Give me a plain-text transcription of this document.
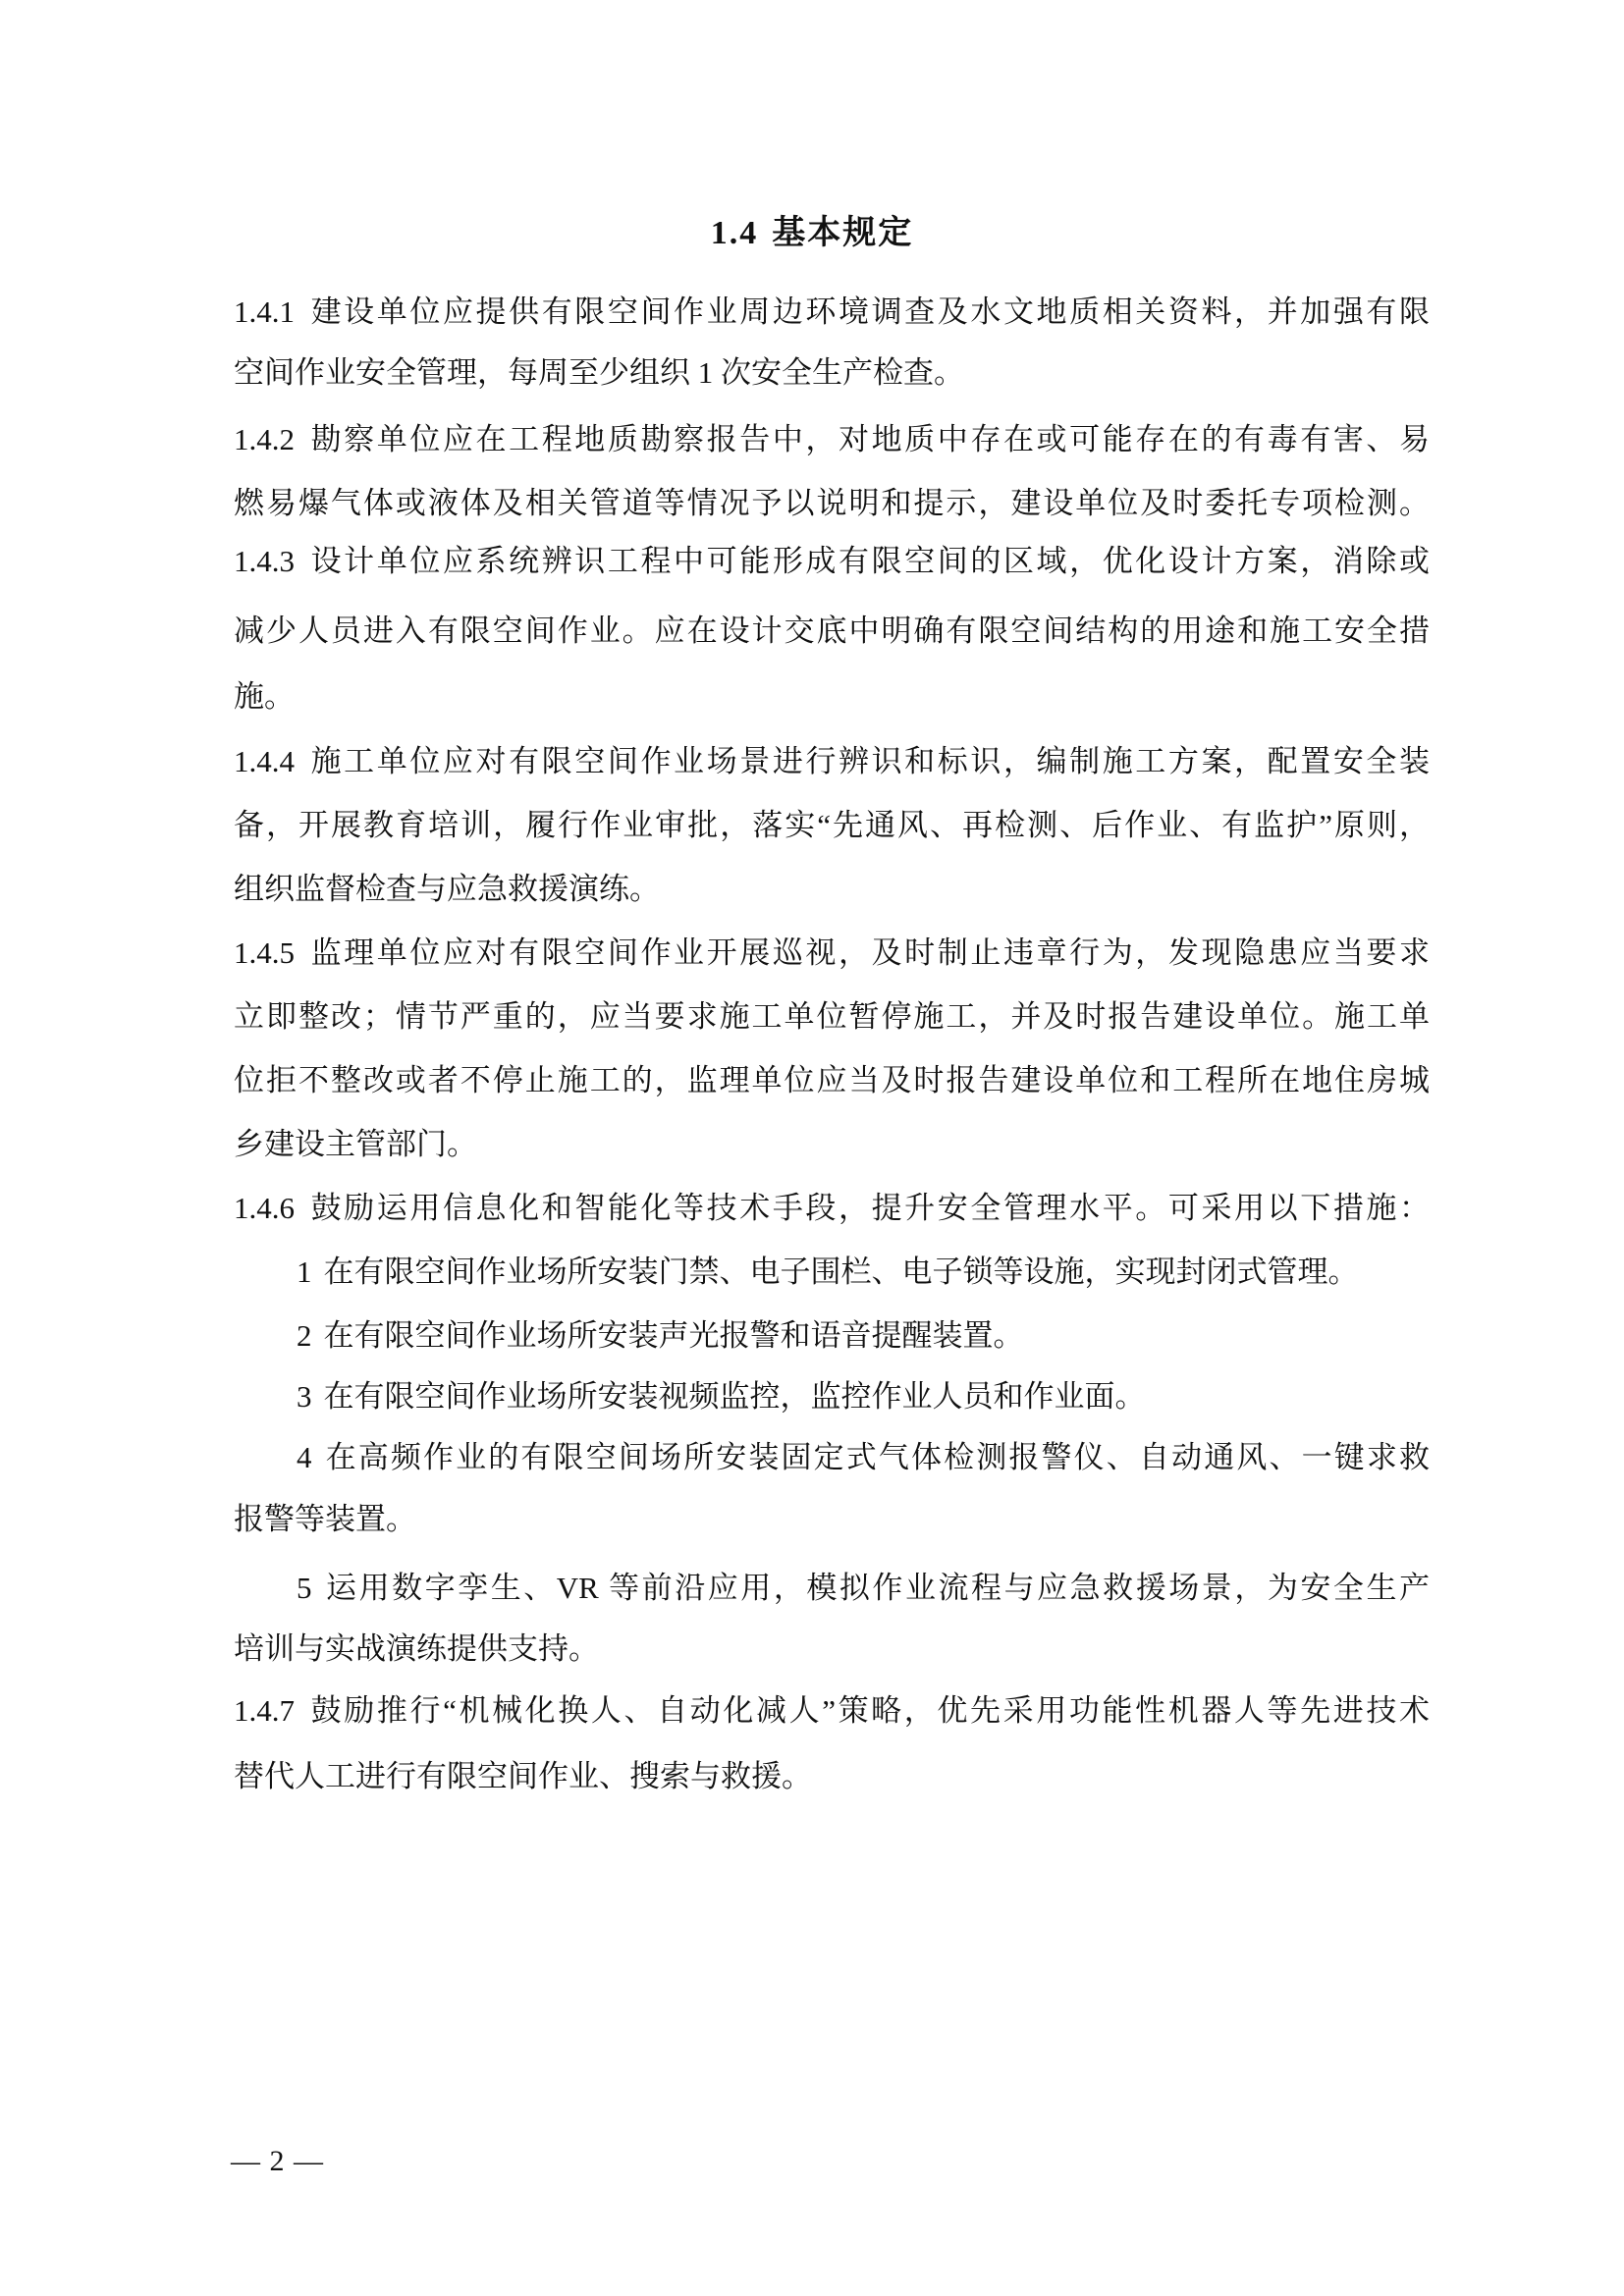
1.4 基本规定
1.4.1 建设单位应提供有限空间作业周边环境调查及水文地质相关资料，并加强有限
空间作业安全管理，每周至少组织 1 次安全生产检查。
1.4.2 勘察单位应在工程地质勘察报告中，对地质中存在或可能存在的有毒有害、易
燃易爆气体或液体及相关管道等情况予以说明和提示，建设单位及时委托专项检测。
1.4.3 设计单位应系统辨识工程中可能形成有限空间的区域，优化设计方案，消除或
减少人员进入有限空间作业。应在设计交底中明确有限空间结构的用途和施工安全措
施。
1.4.4 施工单位应对有限空间作业场景进行辨识和标识，编制施工方案，配置安全装
备，开展教育培训，履行作业审批，落实“先通风、再检测、后作业、有监护”原则，
组织监督检查与应急救援演练。
1.4.5 监理单位应对有限空间作业开展巡视，及时制止违章行为，发现隐患应当要求
立即整改；情节严重的，应当要求施工单位暂停施工，并及时报告建设单位。施工单
位拒不整改或者不停止施工的，监理单位应当及时报告建设单位和工程所在地住房城
乡建设主管部门。
1.4.6 鼓励运用信息化和智能化等技术手段，提升安全管理水平。可采用以下措施：
1 在有限空间作业场所安装门禁、电子围栏、电子锁等设施，实现封闭式管理。
2 在有限空间作业场所安装声光报警和语音提醒装置。
3 在有限空间作业场所安装视频监控，监控作业人员和作业面。
4 在高频作业的有限空间场所安装固定式气体检测报警仪、自动通风、一键求救
报警等装置。
5 运用数字孪生、VR 等前沿应用，模拟作业流程与应急救援场景，为安全生产
培训与实战演练提供支持。
1.4.7 鼓励推行“机械化换人、自动化减人”策略，优先采用功能性机器人等先进技术
替代人工进行有限空间作业、搜索与救援。
— 2 —
